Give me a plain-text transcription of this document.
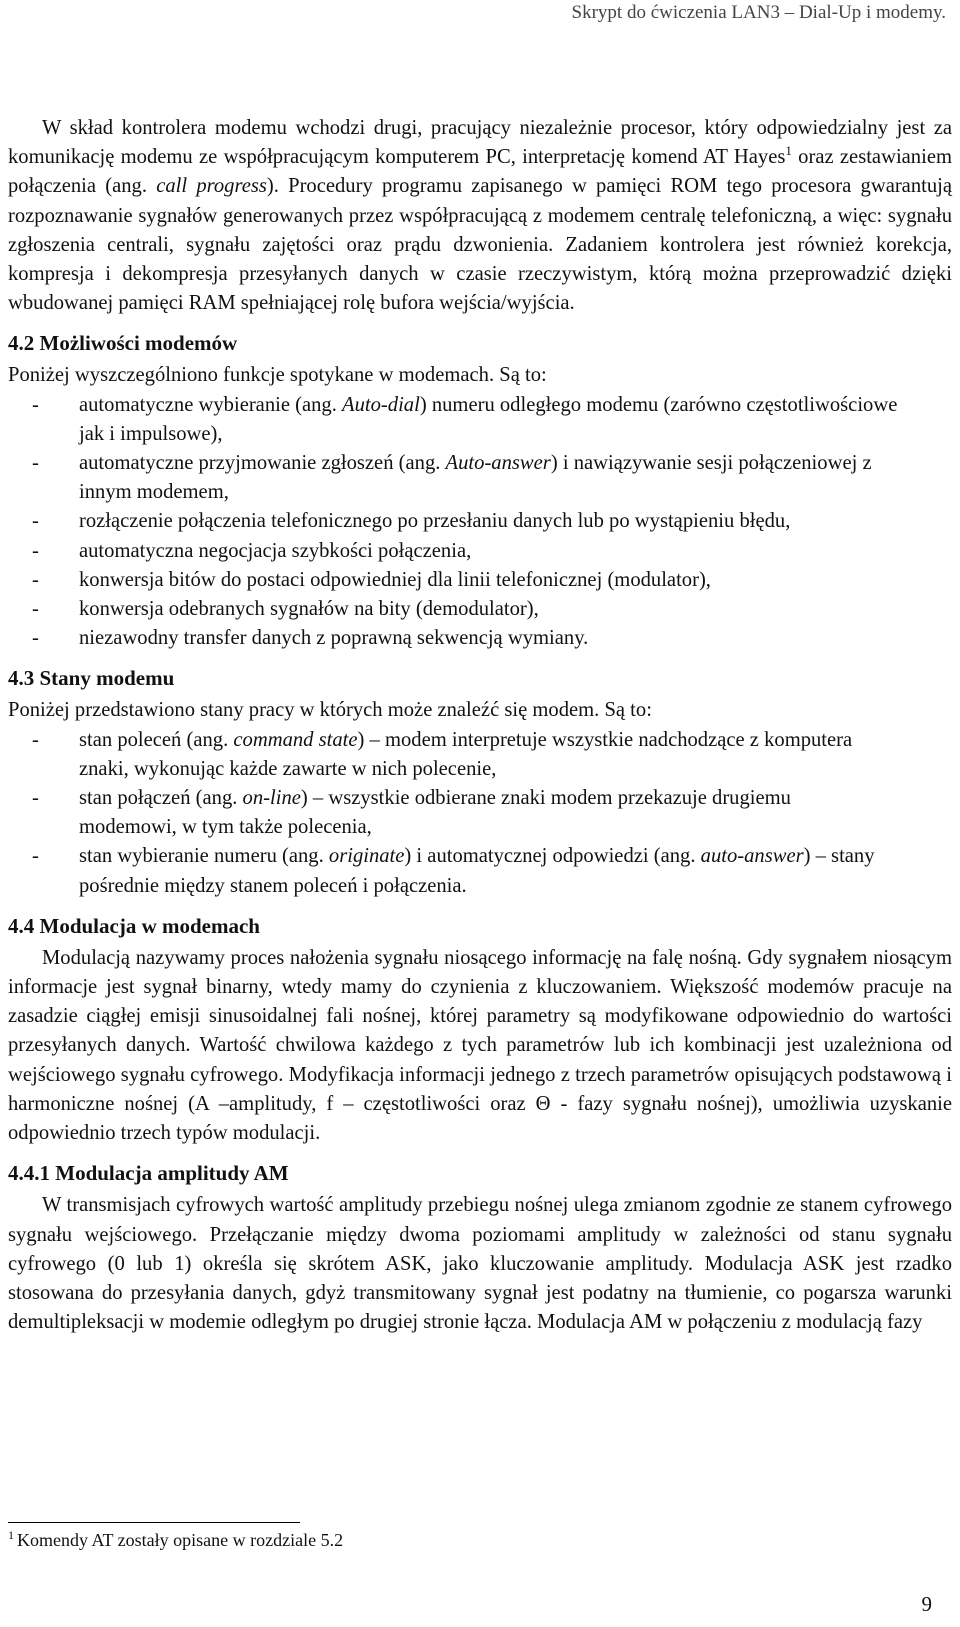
Skrypt do ćwiczenia LAN3 – Dial-Up i modemy.

W skład kontrolera modemu wchodzi drugi, pracujący niezależnie procesor, który odpowiedzialny jest za komunikację modemu ze współpracującym komputerem PC, interpretację komend AT Hayes$^1$ oraz zestawianiem połączenia (ang. call progress). Procedury programu zapisanego w pamięci ROM tego procesora gwarantują rozpoznawanie sygnałów generowanych przez współpracującą z modemem centralę telefoniczną, a więc: sygnału zgłoszenia centrali, sygnału zajętości oraz prądu dzwonienia. Zadaniem kontrolera jest również korekcja, kompresja i dekompresja przesyłanych danych w czasie rzeczywistym, którą można przeprowadzić dzięki wbudowanej pamięci RAM spełniającej rolę bufora wejścia/wyjścia.

4.2 Możliwości modemów

Poniżej wyszczególniono funkcje spotykane w modemach. Są to:

- automatyczne wybieranie (ang. Auto-dial) numeru odległego modemu (zarówno częstotliwościowe jak i impulsowe),
- automatyczne przyjmowanie zgłoszeń (ang. Auto-answer) i nawiązywanie sesji połączeniowej z innym modemem,
- rozłączenie połączenia telefonicznego po przesłaniu danych lub po wystąpieniu błędu,
- automatyczna negocjacja szybkości połączenia,
- konwersja bitów do postaci odpowiedniej dla linii telefonicznej (modulator),
- konwersja odebranych sygnałów na bity (demodulator),
- niezawodny transfer danych z poprawną sekwencją wymiany.
4.3 Stany modemu

Poniżej przedstawiono stany pracy w których może znaleźć się modem. Są to:

- stan poleceń (ang. command state) – modem interpretuje wszystkie nadchodzące z komputera znaki, wykonując każde zawarte w nich polecenie,
- stan połączeń (ang. on-line) – wszystkie odbierane znaki modem przekazuje drugiemu modemowi, w tym także polecenia,
- stan wybieranie numeru (ang. originate) i automatycznej odpowiedzi (ang. auto-answer) – stany pośrednie między stanem poleceń i połączenia.
4.4 Modulacja w modemach

Modulacją nazywamy proces nałożenia sygnału niosącego informację na falę nośną. Gdy sygnałem niosącym informacje jest sygnał binarny, wtedy mamy do czynienia z kluczowaniem. Większość modemów pracuje na zasadzie ciągłej emisji sinusoidalnej fali nośnej, której parametry są modyfikowane odpowiednio do wartości przesyłanych danych. Wartość chwilowa każdego z tych parametrów lub ich kombinacji jest uzależniona od wejściowego sygnału cyfrowego. Modyfikacja informacji jednego z trzech parametrów opisujących podstawową i harmoniczne nośnej (A –amplitudy, f – częstotliwości oraz Θ - fazy sygnału nośnej), umożliwia uzyskanie odpowiednio trzech typów modulacji.

4.4.1 Modulacja amplitudy AM

W transmisjach cyfrowych wartość amplitudy przebiegu nośnej ulega zmianom zgodnie ze stanem cyfrowego sygnału wejściowego. Przełączanie między dwoma poziomami amplitudy w zależności od stanu sygnału cyfrowego (0 lub 1) określa się skrótem ASK, jako kluczowanie amplitudy. Modulacja ASK jest rzadko stosowana do przesyłania danych, gdyż transmitowany sygnał jest podatny na tłumienie, co pogarsza warunki demultipleksacji w modemie odległym po drugiej stronie łącza. Modulacja AM w połączeniu z modulacją fazy

$^1$ Komendy AT zostały opisane w rozdziale 5.2
9
